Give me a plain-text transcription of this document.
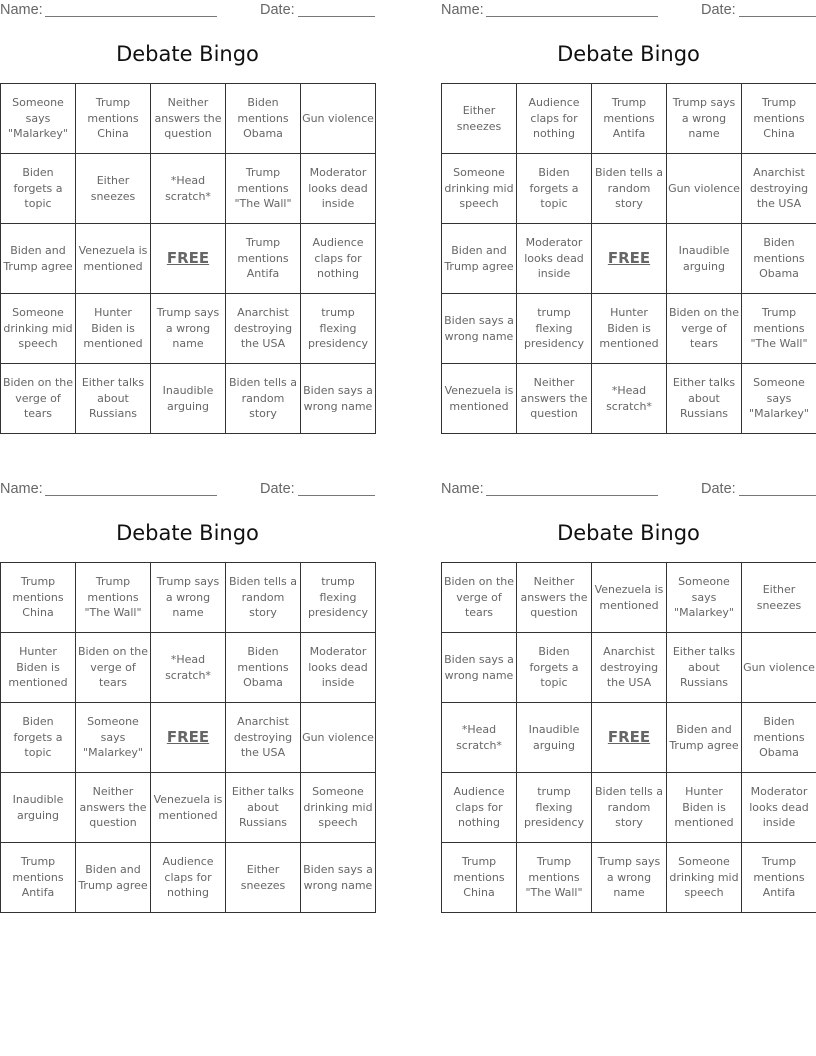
Name:	Date:
Debate Bingo
Someone says "Malarkey"	Trump mentions China	Neither answers the question	Biden mentions Obama	Gun violence
Biden forgets a topic	Either sneezes	*Head scratch*	Trump mentions "The Wall"	Moderator looks dead inside
Biden and Trump agree	Venezuela is mentioned	FREE	Trump mentions Antifa	Audience claps for nothing
Someone drinking mid speech	Hunter Biden is mentioned	Trump says a wrong name	Anarchist destroying the USA	trump flexing presidency
Biden on the verge of tears	Either talks about Russians	Inaudible arguing	Biden tells a random story	Biden says a wrong name
Name:	Date:
Debate Bingo
Either sneezes	Audience claps for nothing	Trump mentions Antifa	Trump says a wrong name	Trump mentions China
Someone drinking mid speech	Biden forgets a topic	Biden tells a random story	Gun violence	Anarchist destroying the USA
Biden and Trump agree	Moderator looks dead inside	FREE	Inaudible arguing	Biden mentions Obama
Biden says a wrong name	trump flexing presidency	Hunter Biden is mentioned	Biden on the verge of tears	Trump mentions "The Wall"
Venezuela is mentioned	Neither answers the question	*Head scratch*	Either talks about Russians	Someone says "Malarkey"
Name:	Date:
Debate Bingo
Trump mentions China	Trump mentions "The Wall"	Trump says a wrong name	Biden tells a random story	trump flexing presidency
Hunter Biden is mentioned	Biden on the verge of tears	*Head scratch*	Biden mentions Obama	Moderator looks dead inside
Biden forgets a topic	Someone says "Malarkey"	FREE	Anarchist destroying the USA	Gun violence
Inaudible arguing	Neither answers the question	Venezuela is mentioned	Either talks about Russians	Someone drinking mid speech
Trump mentions Antifa	Biden and Trump agree	Audience claps for nothing	Either sneezes	Biden says a wrong name
Name:	Date:
Debate Bingo
Biden on the verge of tears	Neither answers the question	Venezuela is mentioned	Someone says "Malarkey"	Either sneezes
Biden says a wrong name	Biden forgets a topic	Anarchist destroying the USA	Either talks about Russians	Gun violence
*Head scratch*	Inaudible arguing	FREE	Biden and Trump agree	Biden mentions Obama
Audience claps for nothing	trump flexing presidency	Biden tells a random story	Hunter Biden is mentioned	Moderator looks dead inside
Trump mentions China	Trump mentions "The Wall"	Trump says a wrong name	Someone drinking mid speech	Trump mentions Antifa
